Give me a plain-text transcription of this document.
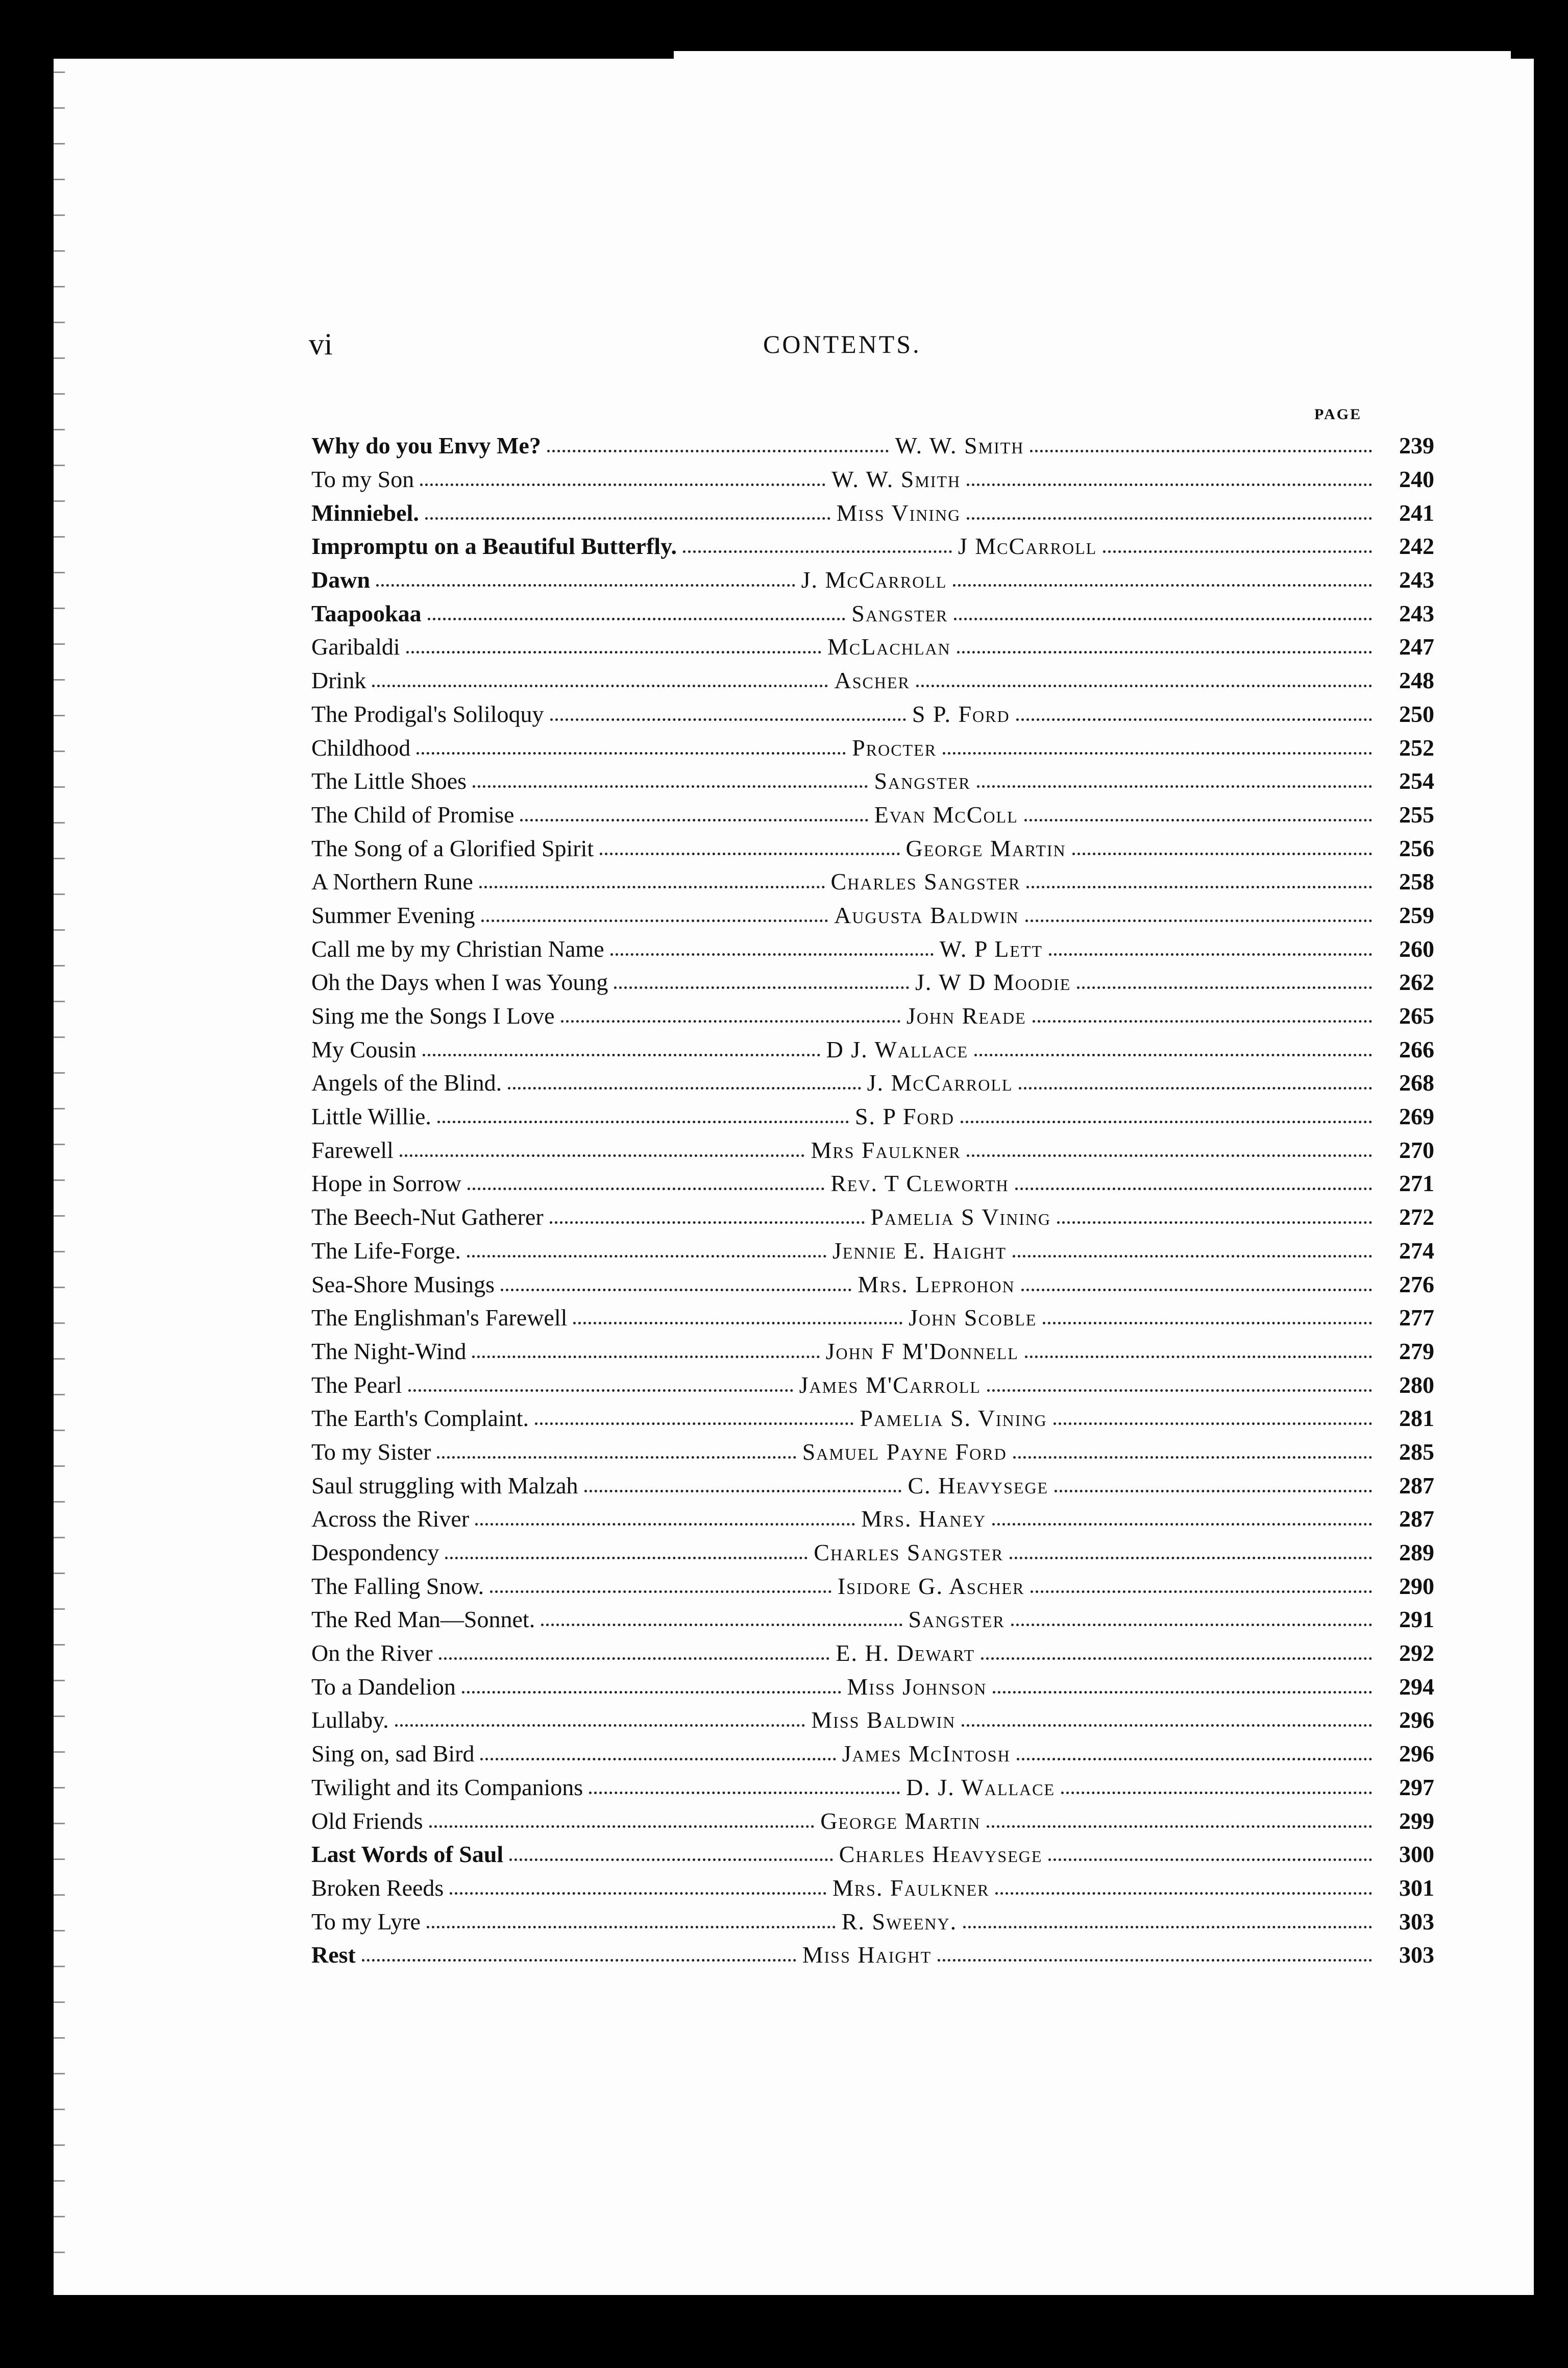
vi	CONTENTS.
PAGE
Why do you Envy Me?	W. W. Smith	239
To my Son	W. W. Smith	240
Minniebel.	Miss Vining	241
Impromptu on a Beautiful Butterfly.	J McCarroll	242
Dawn	J. McCarroll	243
Taapookaa	Sangster	243
Garibaldi	McLachlan	247
Drink	Ascher	248
The Prodigal's Soliloquy	S P. Ford	250
Childhood	Procter	252
The Little Shoes	Sangster	254
The Child of Promise	Evan McColl	255
The Song of a Glorified Spirit	George Martin	256
A Northern Rune	Charles Sangster	258
Summer Evening	Augusta Baldwin	259
Call me by my Christian Name	W. P Lett	260
Oh the Days when I was Young	J. W D Moodie	262
Sing me the Songs I Love	John Reade	265
My Cousin	D J. Wallace	266
Angels of the Blind.	J. McCarroll	268
Little Willie.	S. P Ford	269
Farewell	Mrs Faulkner	270
Hope in Sorrow	Rev. T Cleworth	271
The Beech-Nut Gatherer	Pamelia S Vining	272
The Life-Forge.	Jennie E. Haight	274
Sea-Shore Musings	Mrs. Leprohon	276
The Englishman's Farewell	John Scoble	277
The Night-Wind	John F M'Donnell	279
The Pearl	James M'Carroll	280
The Earth's Complaint.	Pamelia S. Vining	281
To my Sister	Samuel Payne Ford	285
Saul struggling with Malzah	C. Heavysege	287
Across the River	Mrs. Haney	287
Despondency	Charles Sangster	289
The Falling Snow.	Isidore G. Ascher	290
The Red Man—Sonnet.	Sangster	291
On the River	E. H. Dewart	292
To a Dandelion	Miss Johnson	294
Lullaby.	Miss Baldwin	296
Sing on, sad Bird	James McIntosh	296
Twilight and its Companions	D. J. Wallace	297
Old Friends	George Martin	299
Last Words of Saul	Charles Heavysege	300
Broken Reeds	Mrs. Faulkner	301
To my Lyre	R. Sweeny.	303
Rest	Miss Haight	303
